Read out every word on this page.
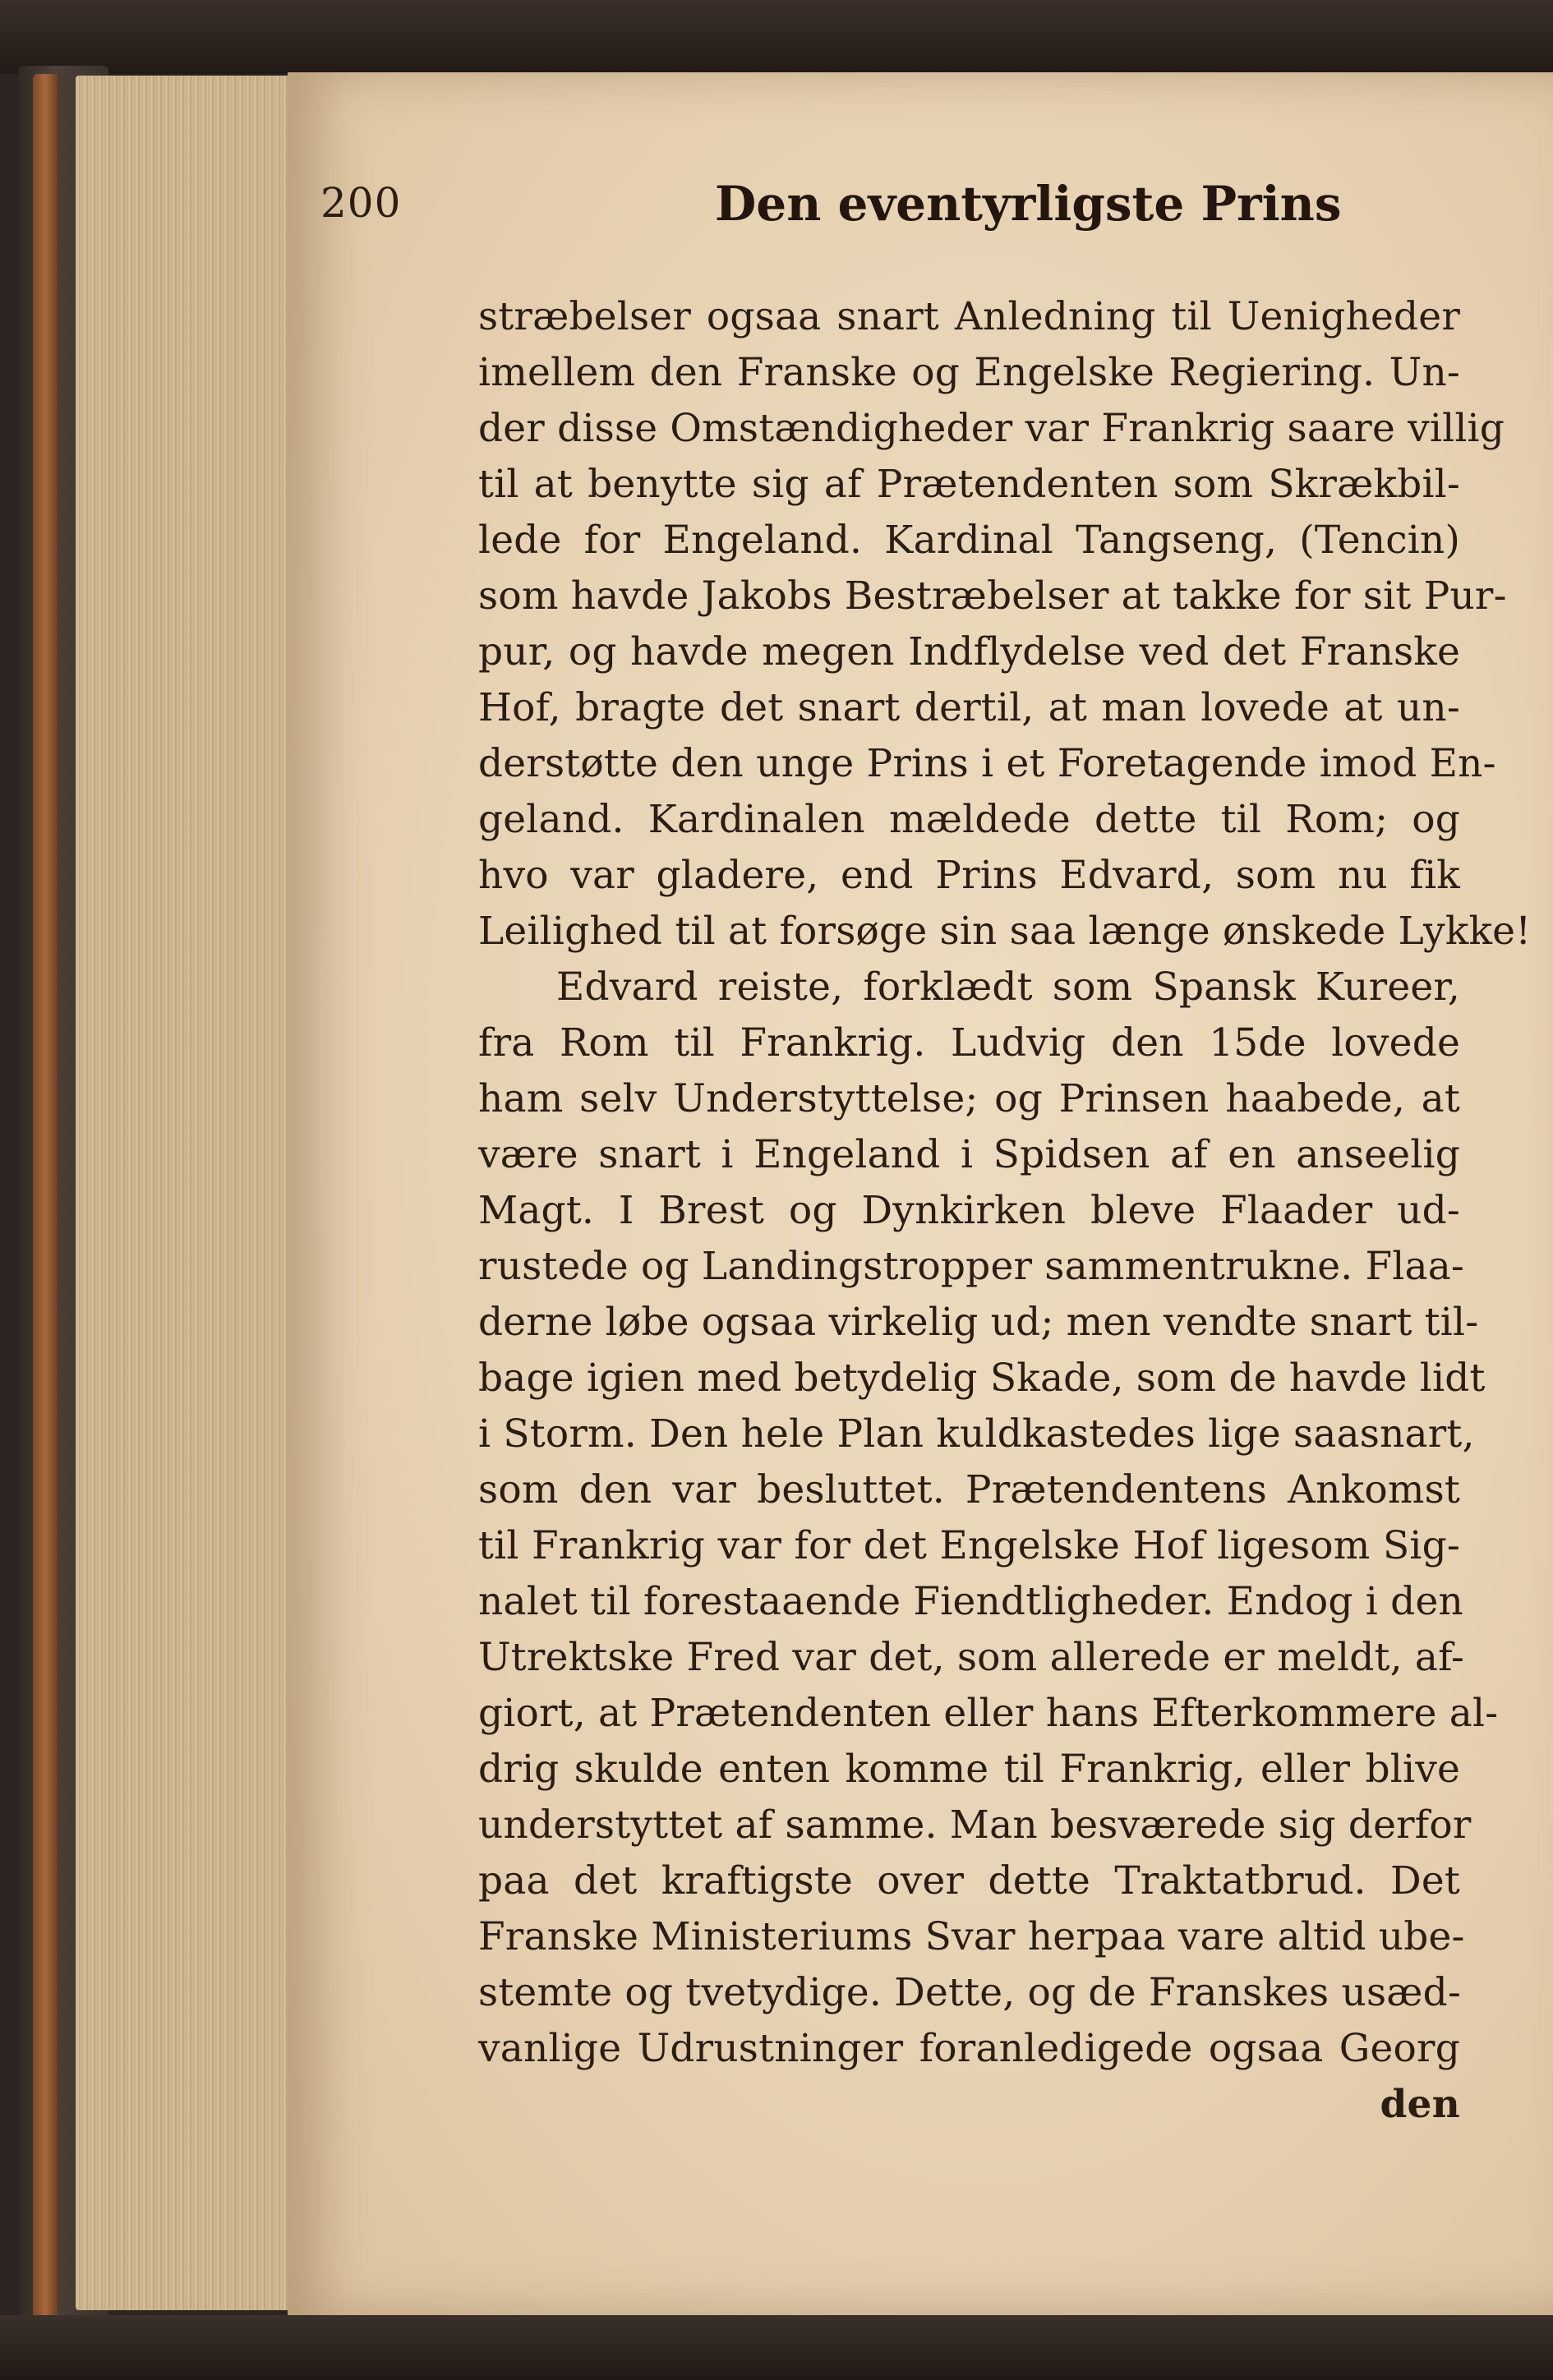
200	Den eventyrligste Prins
stræbelser ogsaa snart Anledning til Uenigheder
imellem den Franske og Engelske Regiering. Un-
der disse Omstændigheder var Frankrig saare villig
til at benytte sig af Prætendenten som Skrækbil-
lede for Engeland. Kardinal Tangseng, (Tencin)
som havde Jakobs Bestræbelser at takke for sit Pur-
pur, og havde megen Indflydelse ved det Franske
Hof, bragte det snart dertil, at man lovede at un-
derstøtte den unge Prins i et Foretagende imod En-
geland. Kardinalen mældede dette til Rom; og
hvo var gladere, end Prins Edvard, som nu fik
Leilighed til at forsøge sin saa længe ønskede Lykke!
Edvard reiste, forklædt som Spansk Kureer,
fra Rom til Frankrig. Ludvig den 15de lovede
ham selv Understyttelse; og Prinsen haabede, at
være snart i Engeland i Spidsen af en anseelig
Magt. I Brest og Dynkirken bleve Flaader ud-
rustede og Landingstropper sammentrukne. Flaa-
derne løbe ogsaa virkelig ud; men vendte snart til-
bage igien med betydelig Skade, som de havde lidt
i Storm. Den hele Plan kuldkastedes lige saasnart,
som den var besluttet. Prætendentens Ankomst
til Frankrig var for det Engelske Hof ligesom Sig-
nalet til forestaaende Fiendtligheder. Endog i den
Utrektske Fred var det, som allerede er meldt, af-
giort, at Prætendenten eller hans Efterkommere al-
drig skulde enten komme til Frankrig, eller blive
understyttet af samme. Man besværede sig derfor
paa det kraftigste over dette Traktatbrud. Det
Franske Ministeriums Svar herpaa vare altid ube-
stemte og tvetydige. Dette, og de Franskes usæd-
vanlige Udrustninger foranledigede ogsaa Georg
den
